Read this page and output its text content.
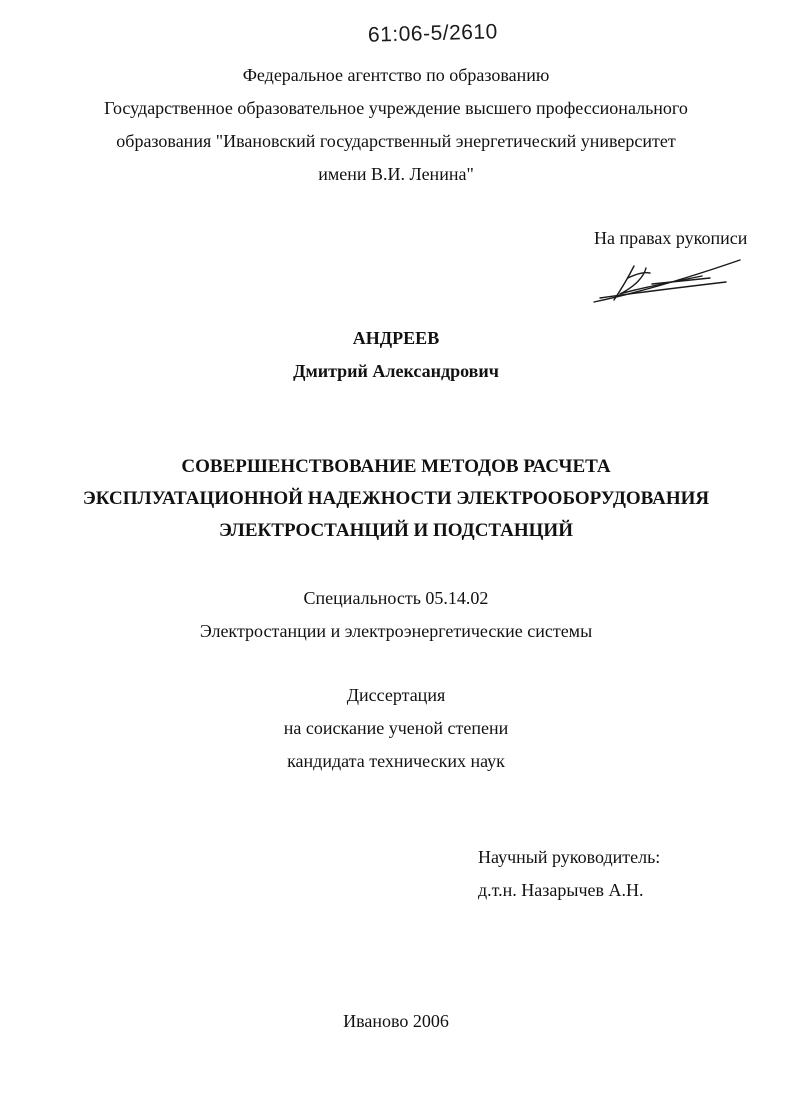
61:06-5/2610
Федеральное агентство по образованию
Государственное образовательное учреждение высшего профессионального
образования "Ивановский государственный энергетический университет
имени В.И. Ленина"
На правах рукописи
АНДРЕЕВ
Дмитрий Александрович
СОВЕРШЕНСТВОВАНИЕ МЕТОДОВ РАСЧЕТА
ЭКСПЛУАТАЦИОННОЙ НАДЕЖНОСТИ ЭЛЕКТРООБОРУДОВАНИЯ
ЭЛЕКТРОСТАНЦИЙ И ПОДСТАНЦИЙ
Специальность 05.14.02
Электростанции и электроэнергетические системы
Диссертация
на соискание ученой степени
кандидата технических наук
Научный руководитель:
д.т.н. Назарычев А.Н.
Иваново 2006
